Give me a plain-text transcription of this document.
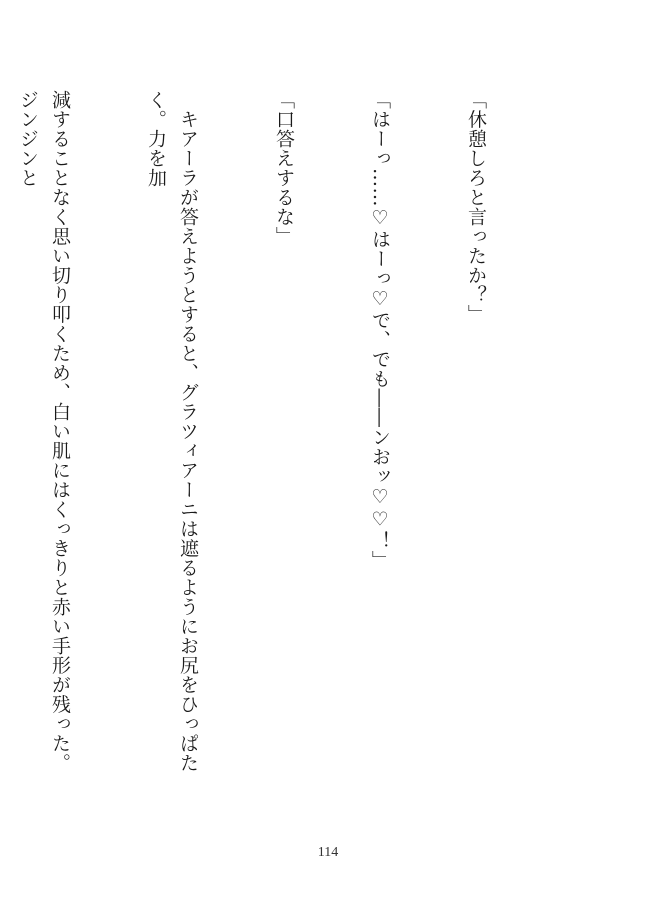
「休憩しろと言ったか？」

「はーっ……♡はーっ♡で、でも――ンおッ♡♡！」

「口答えするな」

　キアーラが答えようとすると、グラツィアーニは遮るようにお尻をひっぱたく。力を加

減することなく思い切り叩くため、白い肌にはくっきりと赤い手形が残った。ジンジンと

114
